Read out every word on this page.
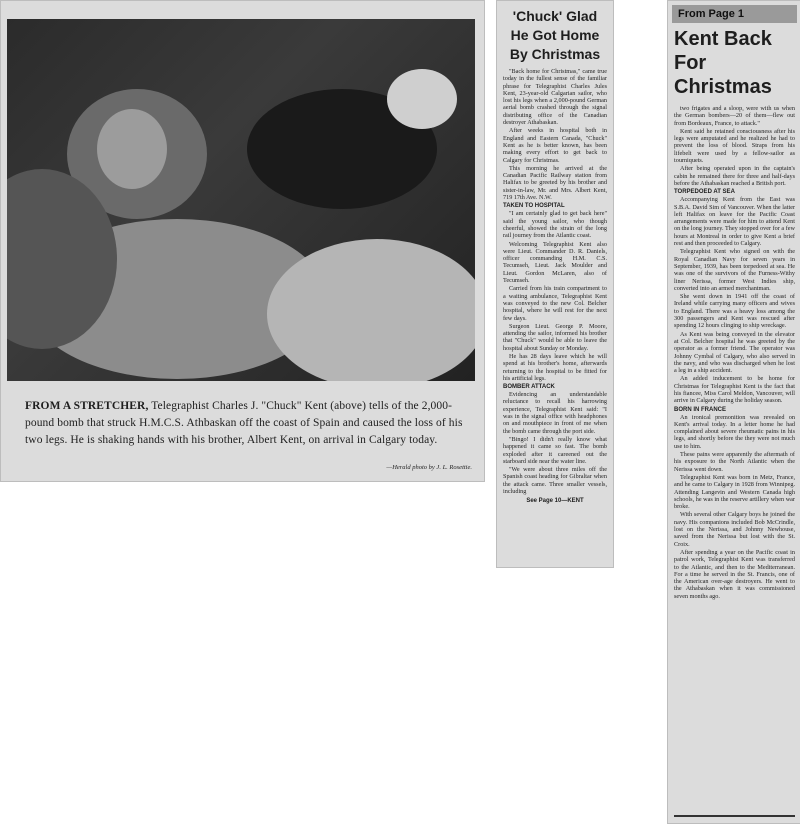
FROM A STRETCHER, Telegraphist Charles J. "Chuck" Kent (above) tells of the 2,000-pound bomb that struck H.M.C.S. Athbaskan off the coast of Spain and caused the loss of his two legs. He is shaking hands with his brother, Albert Kent, on arrival in Calgary today.
—Herald photo by J. L. Rosettie.
'Chuck' Glad He Got Home By Christmas

"Back home for Christmas," came true today in the fullest sense of the familiar phrase for Telegraphist Charles Jules Kent, 23-year-old Calgarian sailor, who lost his legs when a 2,000-pound German aerial bomb crashed through the signal distributing office of the Canadian destroyer Athabaskan.

After weeks in hospital both in England and Eastern Canada, "Chuck" Kent as he is better known, has been making every effort to get back to Calgary for Christmas.

This morning he arrived at the Canadian Pacific Railway station from Halifax to be greeted by his brother and sister-in-law, Mr. and Mrs. Albert Kent, 719 17th Ave. N.W.

TAKEN TO HOSPITAL

"I am certainly glad to get back here" said the young sailor, who though cheerful, showed the strain of the long rail journey from the Atlantic coast.

Welcoming Telegraphist Kent also were Lieut. Commander D. R. Daniels, officer commanding H.M. C.S. Tecumseh, Lieut. Jack Moulder and Lieut. Gordon McLaren, also of Tecumseh.

Carried from his train compartment to a waiting ambulance, Telegraphist Kent was conveyed to the new Col. Belcher hospital, where he will rest for the next few days.

Surgeon Lieut. George P. Moore, attending the sailor, informed his brother that "Chuck" would be able to leave the hospital about Sunday or Monday.

He has 28 days leave which he will spend at his brother's home, afterwards returning to the hospital to be fitted for his artificial legs.

BOMBER ATTACK

Evidencing an understandable reluctance to recall his harrowing experience, Telegraphist Kent said: "I was in the signal office with headphones on and mouthpiece in front of me when the bomb came through the port side.

"Bingo! I didn't really know what happened it came so fast. The bomb exploded after it careened out the starboard side near the water line.

"We were about three miles off the Spanish coast heading for Gibraltar when the attack came. Three smaller vessels, including

See Page 10—KENT
From Page 1
Kent Back For Christmas

two frigates and a sloop, were with us when the German bombers—20 of them—flew out from Bordeaux, France, to attack."

Kent said he retained consciousness after his legs were amputated and he realized he had to prevent the loss of blood. Straps from his lifebelt were used by a fellow-sailor as tourniquets.

After being operated upon in the captain's cabin he remained there for three and half-days before the Athabaskan reached a British port.

TORPEDOED AT SEA

Accompanying Kent from the East was S.B.A. David Sim of Vancouver. When the latter left Halifax on leave for the Pacific Coast arrangements were made for him to attend Kent on the long journey. They stopped over for a few hours at Montreal in order to give Kent a brief rest and then proceeded to Calgary.

Telegraphist Kent who signed on with the Royal Canadian Navy for seven years in September, 1939, has been torpedoed at sea. He was one of the survivors of the Furness-Withy liner Nerissa, former West Indies ship, converted into an armed merchantman.

She went down in 1941 off the coast of Ireland while carrying many officers and wives to England. There was a heavy loss among the 300 passengers and Kent was rescued after spending 12 hours clinging to ship wreckage.

As Kent was being conveyed in the elevator at Col. Belcher hospital he was greeted by the operator as a former friend. The operator was Johnny Cymbal of Calgary, who also served in the navy, and who was discharged when he lost a leg in a ship accident.

An added inducement to be home for Christmas for Telegraphist Kent is the fact that his fiancee, Miss Carol Meldon, Vancouver, will arrive in Calgary during the holiday season.

BORN IN FRANCE

An ironical premonition was revealed on Kent's arrival today. In a letter home he had complained about severe rheumatic pains in his legs, and shortly before the they were not much use to him.

These pains were apparently the aftermath of his exposure to the North Atlantic when the Nerissa went down.

Telegraphist Kent was born in Metz, France, and he came to Calgary in 1928 from Winnipeg. Attending Langevin and Western Canada high schools, he was in the reserve artillery when war broke.

With several other Calgary boys he joined the navy. His companions included Bob McCrindle, lost on the Nerissa, and Johnny Newhouse, saved from the Nerissa but lost with the St. Croix.

After spending a year on the Pacific coast in patrol work, Telegraphist Kent was transferred to the Atlantic, and then to the Mediterranean. For a time he served in the St. Francis, one of the American over-age destroyers. He went to the Athabaskan when it was commissioned seven months ago.
